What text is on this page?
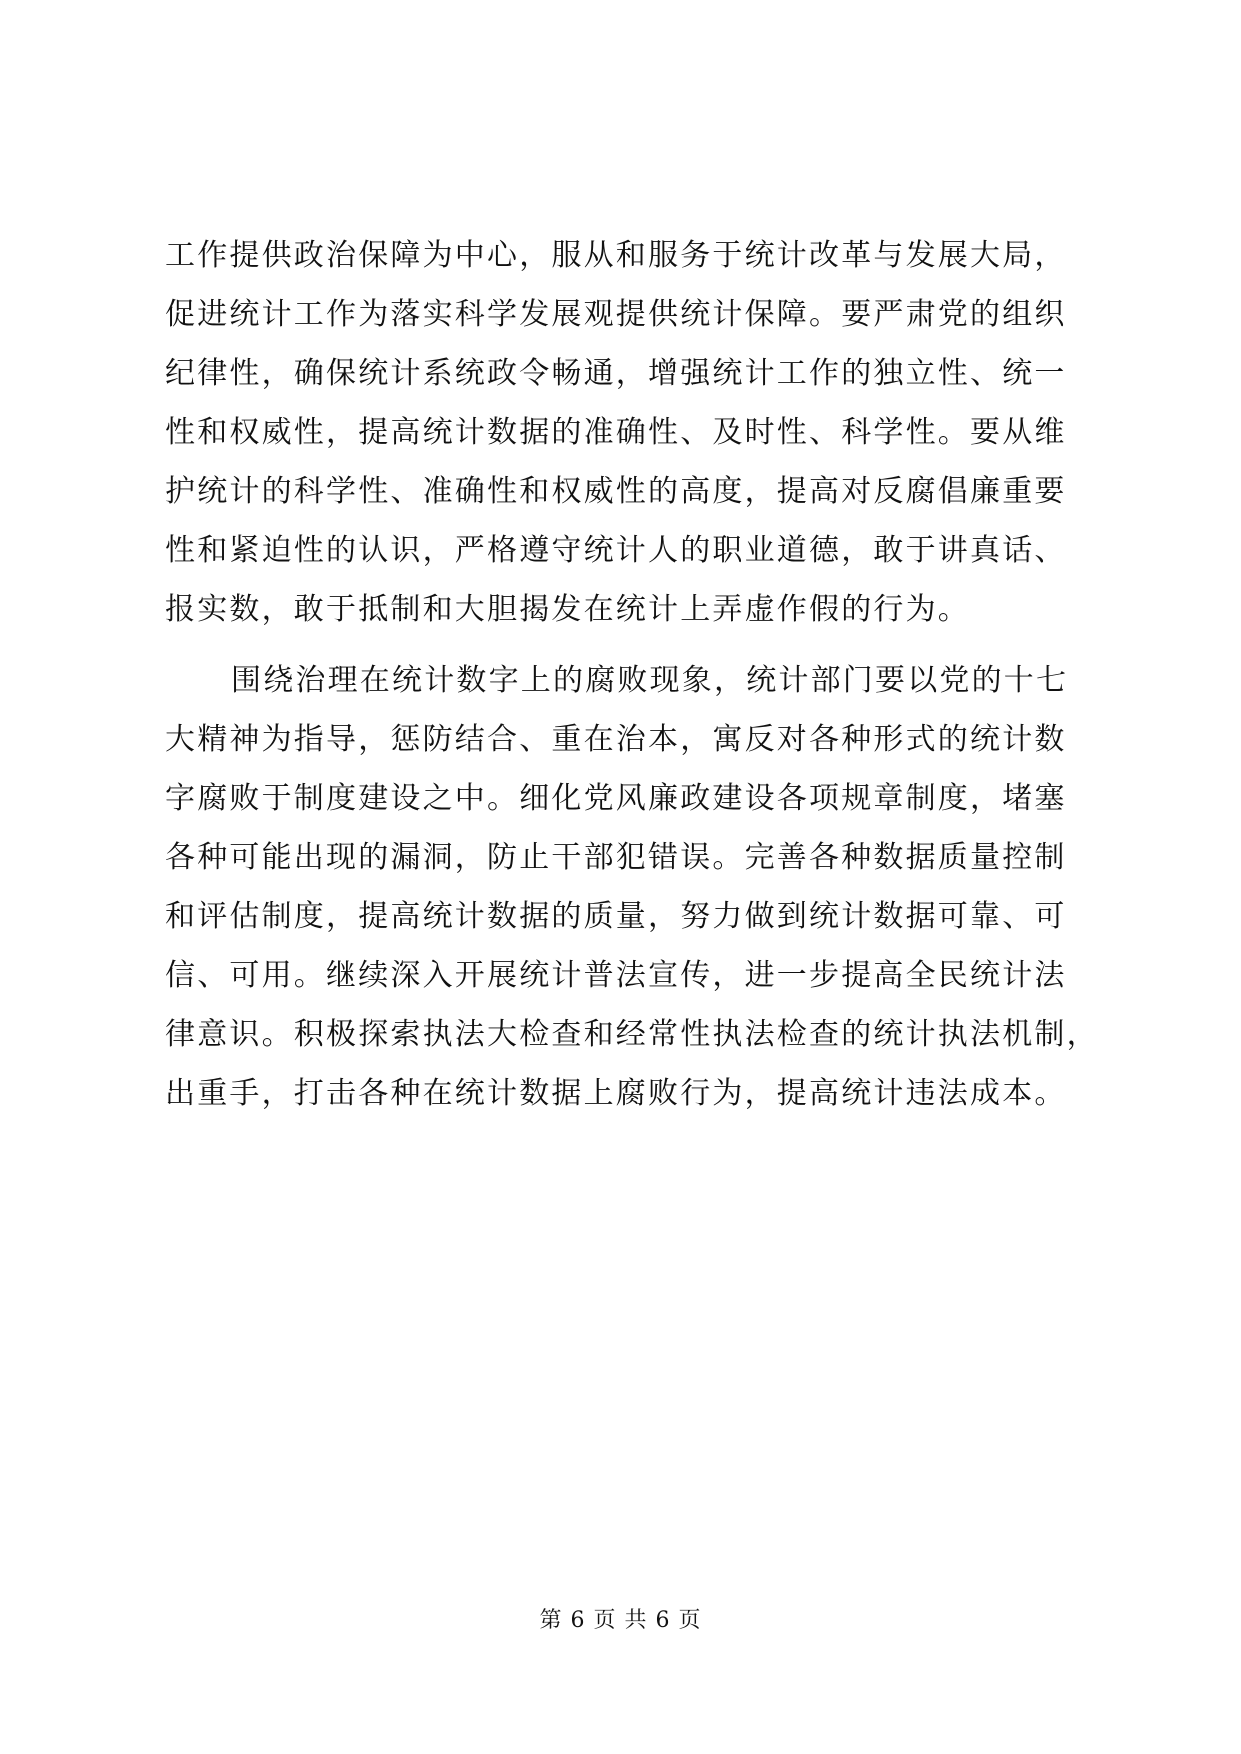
工作提供政治保障为中心，服从和服务于统计改革与发展大局，
促进统计工作为落实科学发展观提供统计保障。要严肃党的组织
纪律性，确保统计系统政令畅通，增强统计工作的独立性、统一
性和权威性，提高统计数据的准确性、及时性、科学性。要从维
护统计的科学性、准确性和权威性的高度，提高对反腐倡廉重要
性和紧迫性的认识，严格遵守统计人的职业道德，敢于讲真话、
报实数，敢于抵制和大胆揭发在统计上弄虚作假的行为。
围绕治理在统计数字上的腐败现象，统计部门要以党的十七
大精神为指导，惩防结合、重在治本，寓反对各种形式的统计数
字腐败于制度建设之中。细化党风廉政建设各项规章制度，堵塞
各种可能出现的漏洞，防止干部犯错误。完善各种数据质量控制
和评估制度，提高统计数据的质量，努力做到统计数据可靠、可
信、可用。继续深入开展统计普法宣传，进一步提高全民统计法
律意识。积极探索执法大检查和经常性执法检查的统计执法机制，
出重手，打击各种在统计数据上腐败行为，提高统计违法成本。
第 6 页 共 6 页
